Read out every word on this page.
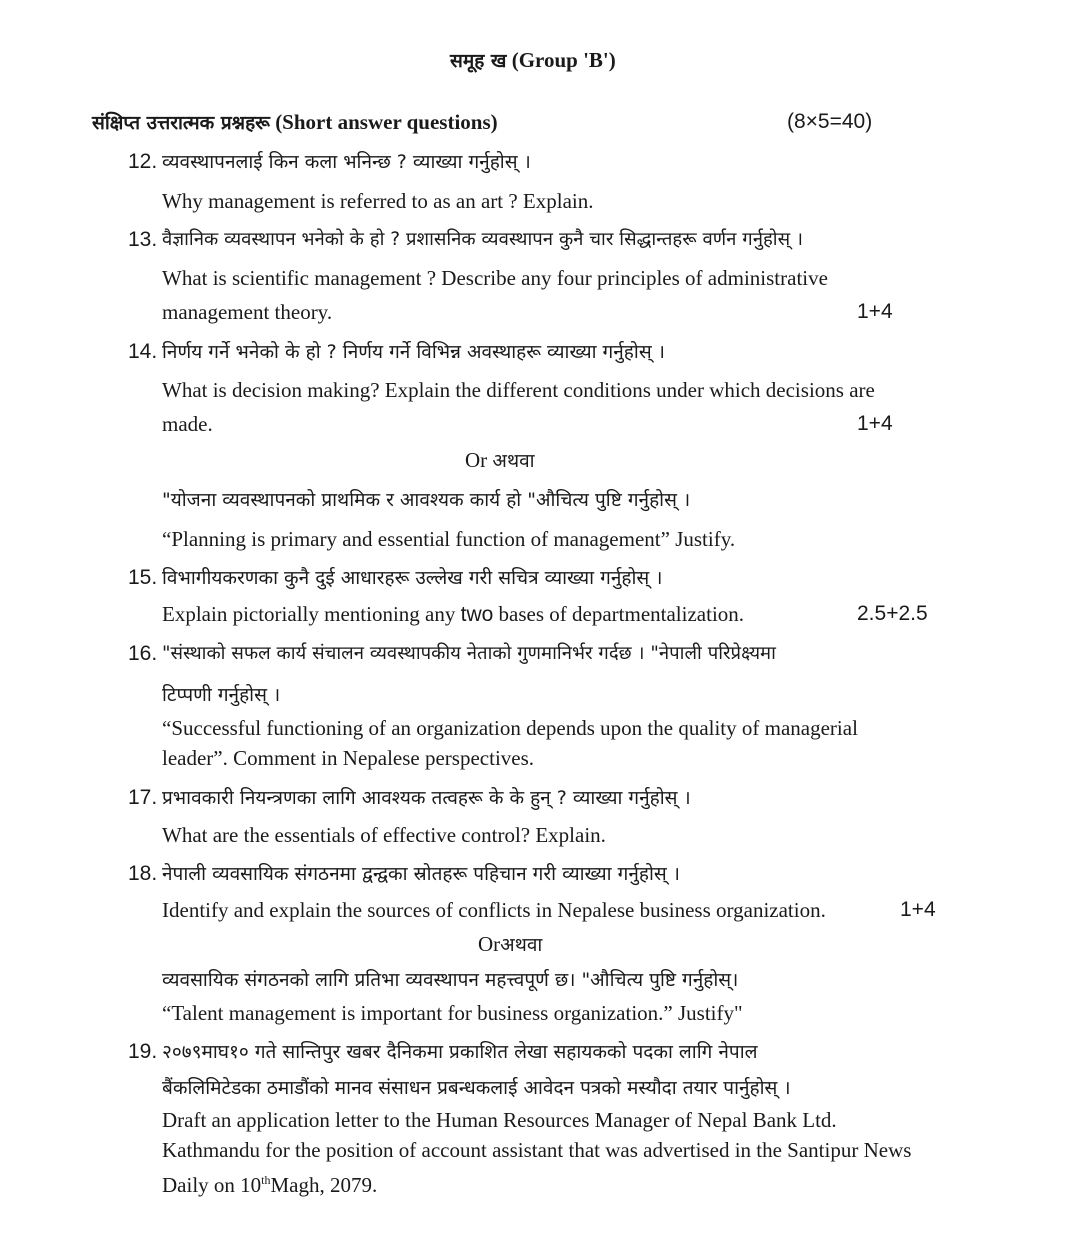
समूह ख (Group 'B')
संक्षिप्त उत्तरात्मक प्रश्नहरू (Short answer questions)	(8×5=40)
12. व्यवस्थापनलाई किन कला भनिन्छ ? व्याख्या गर्नुहोस् ।
Why management is referred to as an art ? Explain.
13. वैज्ञानिक व्यवस्थापन भनेको के हो ? प्रशासनिक व्यवस्थापन कुनै चार सिद्धान्तहरू वर्णन गर्नुहोस् ।
What is scientific management ? Describe any four principles of administrative
management theory.	1+4
14. निर्णय गर्ने भनेको के हो ? निर्णय गर्ने विभिन्न अवस्थाहरू व्याख्या गर्नुहोस् ।
What is decision making? Explain the different conditions under which decisions are
made.	1+4
Or अथवा
"योजना व्यवस्थापनको प्राथमिक र आवश्यक कार्य हो "औचित्य पुष्टि गर्नुहोस् ।
“Planning is primary and essential function of management” Justify.
15. विभागीयकरणका कुनै दुई आधारहरू उल्लेख गरी सचित्र व्याख्या गर्नुहोस् ।
Explain pictorially mentioning any two bases of departmentalization.	2.5+2.5
16. "संस्थाको सफल कार्य संचालन व्यवस्थापकीय नेताको गुणमानिर्भर गर्दछ । "नेपाली परिप्रेक्ष्यमा
टिप्पणी गर्नुहोस् ।
“Successful functioning of an organization depends upon the quality of managerial
leader”. Comment in Nepalese perspectives.
17. प्रभावकारी नियन्त्रणका लागि आवश्यक तत्वहरू के के हुन् ? व्याख्या गर्नुहोस् ।
What are the essentials of effective control? Explain.
18. नेपाली व्यवसायिक संगठनमा द्वन्द्वका स्रोतहरू पहिचान गरी व्याख्या गर्नुहोस् ।
Identify and explain the sources of conflicts in Nepalese business organization.	1+4
Orअथवा
व्यवसायिक संगठनको लागि प्रतिभा व्यवस्थापन महत्त्वपूर्ण छ। "औचित्य पुष्टि गर्नुहोस्।
“Talent management is important for business organization.” Justify"
19. २०७९माघ१० गते सान्तिपुर खबर दैनिकमा प्रकाशित लेखा सहायकको पदका लागि नेपाल
बैंकलिमिटेडका ठमाडौंको मानव संसाधन प्रबन्धकलाई आवेदन पत्रको मस्यौदा तयार पार्नुहोस् ।
Draft an application letter to the Human Resources Manager of Nepal Bank Ltd.
Kathmandu for the position of account assistant that was advertised in the Santipur News
Daily on 10thMagh, 2079.
